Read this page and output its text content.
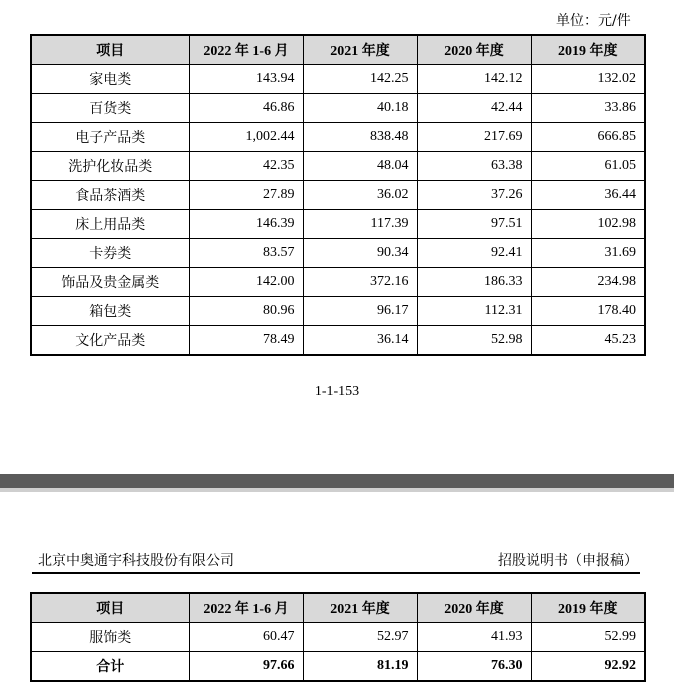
单位：元/件
项目	2022 年 1-6 月	2021 年度	2020 年度	2019 年度
家电类	143.94	142.25	142.12	132.02
百货类	46.86	40.18	42.44	33.86
电子产品类	1,002.44	838.48	217.69	666.85
洗护化妆品类	42.35	48.04	63.38	61.05
食品茶酒类	27.89	36.02	37.26	36.44
床上用品类	146.39	117.39	97.51	102.98
卡券类	83.57	90.34	92.41	31.69
饰品及贵金属类	142.00	372.16	186.33	234.98
箱包类	80.96	96.17	112.31	178.40
文化产品类	78.49	36.14	52.98	45.23
1-1-153
北京中奥通宇科技股份有限公司	招股说明书（申报稿）
项目	2022 年 1-6 月	2021 年度	2020 年度	2019 年度
服饰类	60.47	52.97	41.93	52.99
合计	97.66	81.19	76.30	92.92
